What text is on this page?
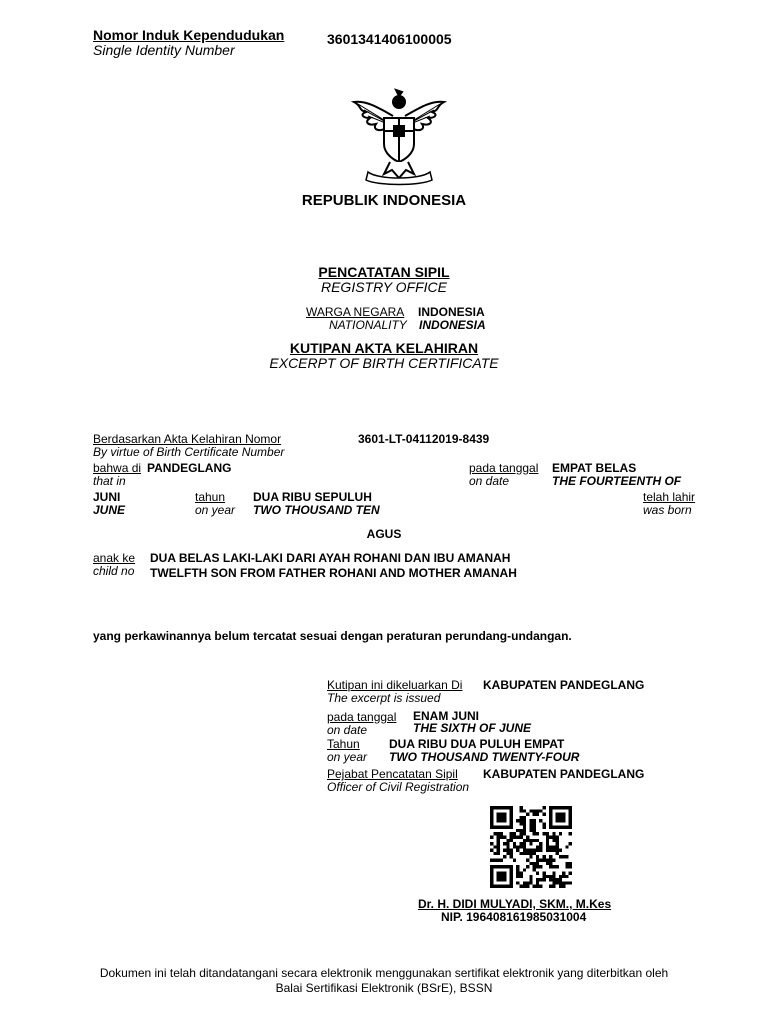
Nomor Induk Kependudukan
Single Identity Number
3601341406100005
REPUBLIK INDONESIA
PENCATATAN SIPIL
REGISTRY OFFICE
WARGA NEGARA INDONESIA
NATIONALITY INDONESIA
KUTIPAN AKTA KELAHIRAN
EXCERPT OF BIRTH CERTIFICATE
Berdasarkan Akta Kelahiran Nomor
By virtue of Birth Certificate Number
3601-LT-04112019-8439
bahwa di PANDEGLANG
that in
pada tanggal
on date
EMPAT BELAS
THE FOURTEENTH OF
JUNI
JUNE
tahun
on year
DUA RIBU SEPULUH
TWO THOUSAND TEN
telah lahir
was born
AGUS
anak ke
child no
DUA BELAS LAKI-LAKI DARI AYAH ROHANI DAN IBU AMANAH
TWELFTH SON FROM FATHER ROHANI AND MOTHER AMANAH
yang perkawinannya belum tercatat sesuai dengan peraturan perundang-undangan.
Kutipan ini dikeluarkan Di
The excerpt is issued
KABUPATEN PANDEGLANG
pada tanggal
on date
ENAM JUNI
THE SIXTH OF JUNE
Tahun
on year
DUA RIBU DUA PULUH EMPAT
TWO THOUSAND TWENTY-FOUR
Pejabat Pencatatan Sipil
Officer of Civil Registration
KABUPATEN PANDEGLANG
Dr. H. DIDI MULYADI, SKM., M.Kes
NIP. 196408161985031004
Dokumen ini telah ditandatangani secara elektronik menggunakan sertifikat elektronik yang diterbitkan oleh
Balai Sertifikasi Elektronik (BSrE), BSSN
